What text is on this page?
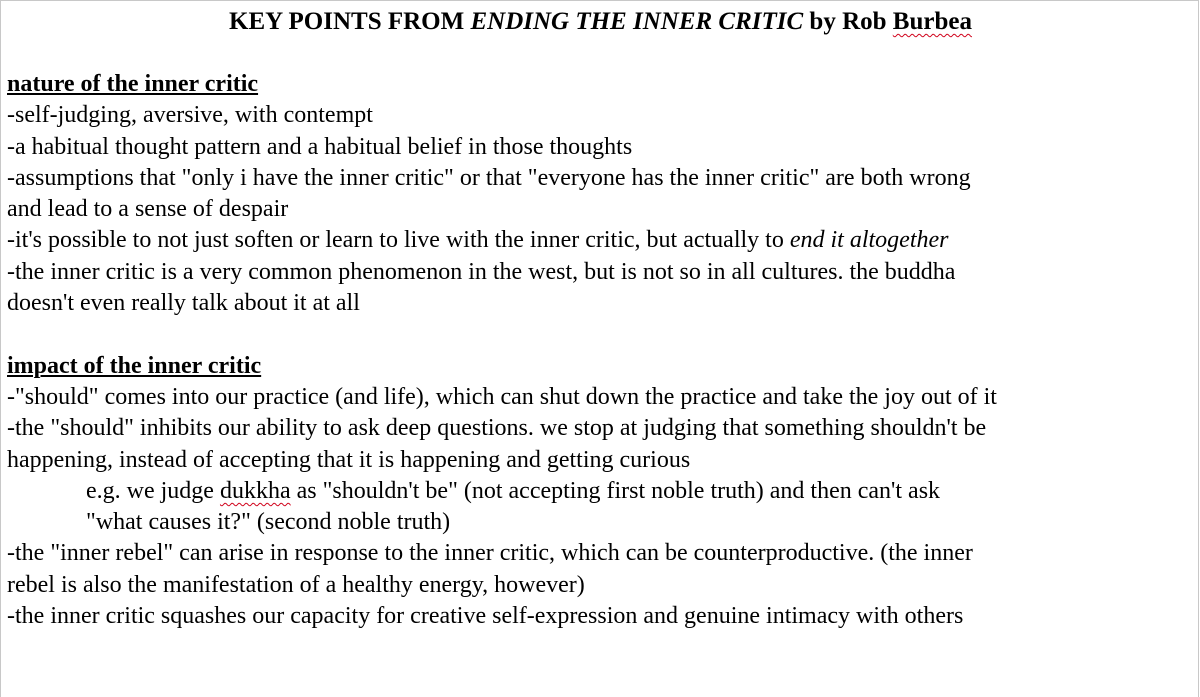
KEY POINTS FROM ENDING THE INNER CRITIC by Rob Burbea
nature of the inner critic
-self-judging, aversive, with contempt
-a habitual thought pattern and a habitual belief in those thoughts
-assumptions that "only i have the inner critic" or that "everyone has the inner critic" are both wrong
and lead to a sense of despair
-it's possible to not just soften or learn to live with the inner critic, but actually to end it altogether
-the inner critic is a very common phenomenon in the west, but is not so in all cultures. the buddha
doesn't even really talk about it at all
impact of the inner critic
-"should" comes into our practice (and life), which can shut down the practice and take the joy out of it
-the "should" inhibits our ability to ask deep questions. we stop at judging that something shouldn't be
happening, instead of accepting that it is happening and getting curious
e.g. we judge dukkha as "shouldn't be" (not accepting first noble truth) and then can't ask
"what causes it?" (second noble truth)
-the "inner rebel" can arise in response to the inner critic, which can be counterproductive. (the inner
rebel is also the manifestation of a healthy energy, however)
-the inner critic squashes our capacity for creative self-expression and genuine intimacy with others
